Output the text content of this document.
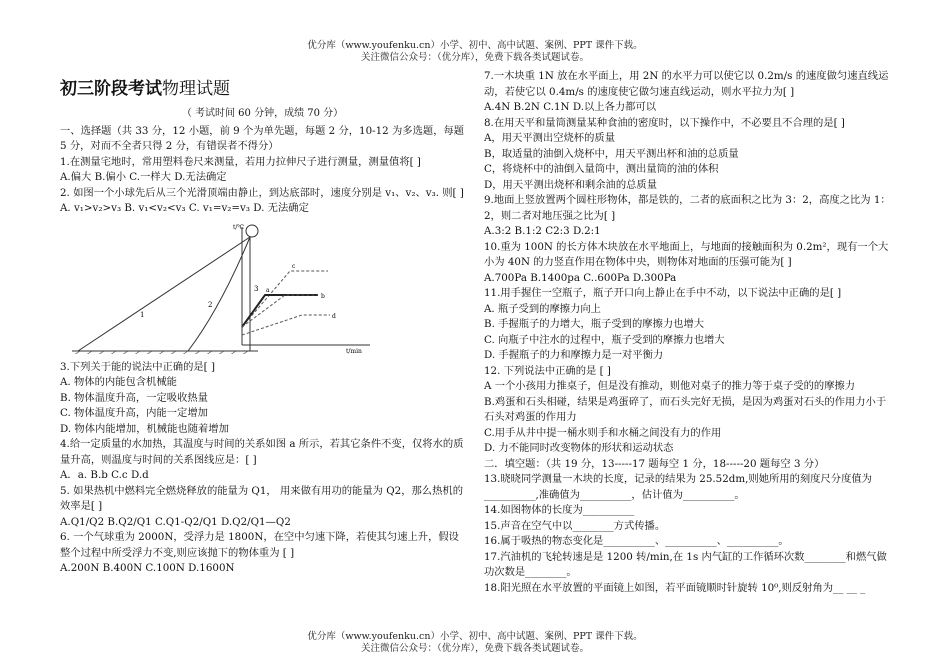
优分库（www.youfenku.cn）小学、初中、高中试题、案例、PPT 课件下载。
关注微信公众号：（优分库），免费下载各类试题试卷。
初三阶段考试物理试题
（ 考试时间 60 分钟，成绩 70 分）

一、选择题（共 33 分，12 小题，前 9 个为单先题，每题 2 分，10-12 为多选题，每题 5 分，对而不全者只得 2 分，有错误者不得分）

1.在测量宅地时，常用塑料卷尺来测量，若用力拉伸尺子进行测量，测量值将[ ]

A.偏大 B.偏小 C.一样大 D.无法确定

2. 如图一个小球先后从三个光滑顶端由静止，到达底部时，速度分别是 v₁、v₂、v₃. 则[ ] A. v₁>v₂>v₃ B. v₁<v₂<v₃ C. v₁=v₂=v₃ D. 无法确定

1
2
3
t/℃
t/min
c
a
b
d

3.下列关于能的说法中正确的是[ ]

A. 物体的内能包含机械能

B. 物体温度升高，一定吸收热量

C. 物体温度升高，内能一定增加

D. 物体内能增加，机械能也随着增加

4.给一定质量的水加热，其温度与时间的关系如图 a 所示，若其它条件不变，仅将水的质量升高，则温度与时间的关系图线应是：[ ]

A．a. B.b C.c D.d

5. 如果热机中燃料完全燃烧释放的能量为 Q1， 用来做有用功的能量为 Q2，那么热机的效率是[ ]

A.Q1/Q2 B.Q2/Q1 C.Q1-Q2/Q1 D.Q2/Q1—Q2

6. 一个气球重为 2000N，受浮力是 1800N，在空中匀速下降，若使其匀速上升，假设整个过程中所受浮力不变,则应该抛下的物体重为 [ ]

A.200N B.400N C.100N D.1600N

7.一木块重 1N 放在水平面上，用 2N 的水平力可以使它以 0.2m/s 的速度做匀速直线运动，若使它以 0.4m/s 的速度使它做匀速直线运动，则水平拉力为[ ]

A.4N B.2N C.1N D.以上各力都可以

8.在用天平和量筒测量某种食油的密度时，以下操作中，不必要且不合理的是[ ]

A，用天平测出空烧杯的质量

B，取适量的油倒入烧杯中，用天平测出杯和油的总质量

C，将烧杯中的油倒入量筒中，测出量筒的油的体积

D，用天平测出烧杯和剩余油的总质量

9.地面上竖放置两个圆柱形物体，都是铁的，二者的底面积之比为 3：2，高度之比为 1：2，则二者对地压强之比为[ ]

A.3:2 B.1:2 C2:3 D.2:1

10.重为 100N 的长方体木块放在水平地面上，与地面的接触面积为 0.2m²，现有一个大小为 40N 的力竖直作用在物体中央，则物体对地面的压强可能为[ ]

A.700Pa B.1400pa C..600Pa D.300Pa

11.用手握住一空瓶子，瓶子开口向上静止在手中不动，以下说法中正确的是[ ]

A. 瓶子受到的摩擦力向上

B. 手握瓶子的力增大，瓶子受到的摩擦力也增大

C. 向瓶子中注水的过程中，瓶子受到的摩擦力也增大

D. 手握瓶子的力和摩擦力是一对平衡力

12. 下列说法中正确的是 [ ]

A 一个小孩用力推桌子，但是没有推动，则他对桌子的推力等于桌子受的的摩擦力

B.鸡蛋和石头相碰，结果是鸡蛋碎了，而石头完好无损，是因为鸡蛋对石头的作用力小于石头对鸡蛋的作用力

C.用手从井中提一桶水则手和水桶之间没有力的作用

D. 力不能同时改变物体的形状和运动状态

二．填空题：（共 19 分，13-----17 题每空 1 分，18-----20 题每空 3 分）

13.晓晓同学测量一木块的长度，记录的结果为 25.52dm,则她所用的刻度尺分度值为__________,准确值为__________，估计值为__________。

14.如图物体的长度为__________

15.声音在空气中以________方式传播。

16.属于吸热的物态变化是__________、__________、__________。

17.汽油机的飞轮转速是是 1200 转/min,在 1s 内气缸的工作循环次数________和燃气做功次数是________。

18.阳光照在水平放置的平面镜上如图，若平面镜顺时针旋转 10⁰,则反射角为__ __ _

优分库（www.youfenku.cn）小学、初中、高中试题、案例、PPT 课件下载。
关注微信公众号：（优分库），免费下载各类试题试卷。
